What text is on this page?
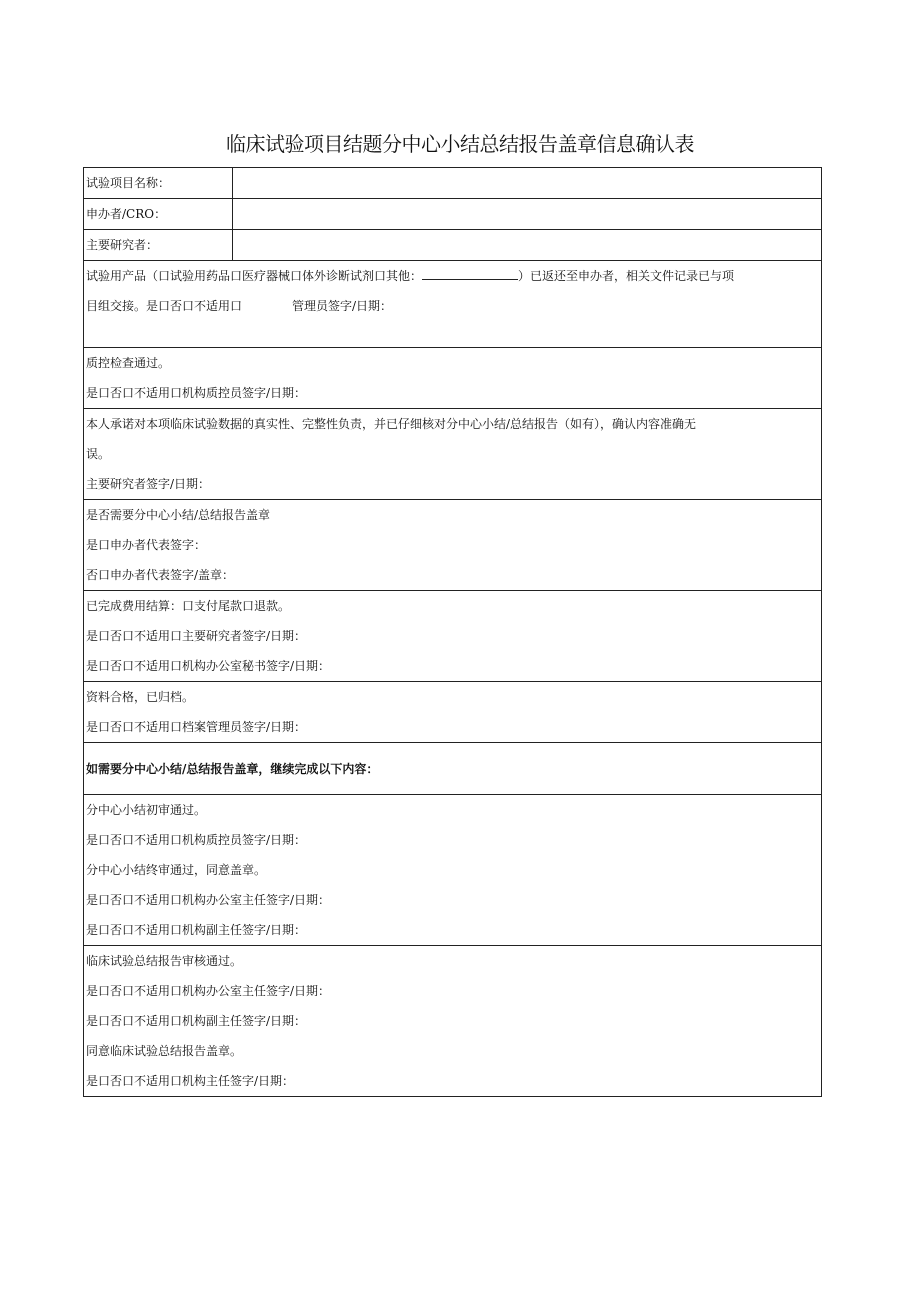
临床试验项目结题分中心小结总结报告盖章信息确认表
试验项目名称：	
申办者/CRO：	
主要研究者：	

试验用产品（口试验用药品口医疗器械口体外诊断试剂口其他： ）已返还至申办者，相关文件记录已与项
目组交接。是口否口不适用口 管理员签字/日期：	

质控检查通过。
是口否口不适用口机构质控员签字/日期：	

本人承诺对本项临床试验数据的真实性、完整性负责，并已仔细核对分中心小结/总结报告（如有），确认内容准确无
误。
主要研究者签字/日期：	

是否需要分中心小结/总结报告盖章
是口申办者代表签字：
否口申办者代表签字/盖章：	

已完成费用结算：口支付尾款口退款。
是口否口不适用口主要研究者签字/日期：
是口否口不适用口机构办公室秘书签字/日期：	

资料合格，已归档。
是口否口不适用口档案管理员签字/日期：	

如需要分中心小结/总结报告盖章，继续完成以下内容：	

分中心小结初审通过。
是口否口不适用口机构质控员签字/日期：
分中心小结终审通过，同意盖章。
是口否口不适用口机构办公室主任签字/日期：
是口否口不适用口机构副主任签字/日期：	

临床试验总结报告审核通过。
是口否口不适用口机构办公室主任签字/日期：
是口否口不适用口机构副主任签字/日期：
同意临床试验总结报告盖章。
是口否口不适用口机构主任签字/日期：	
